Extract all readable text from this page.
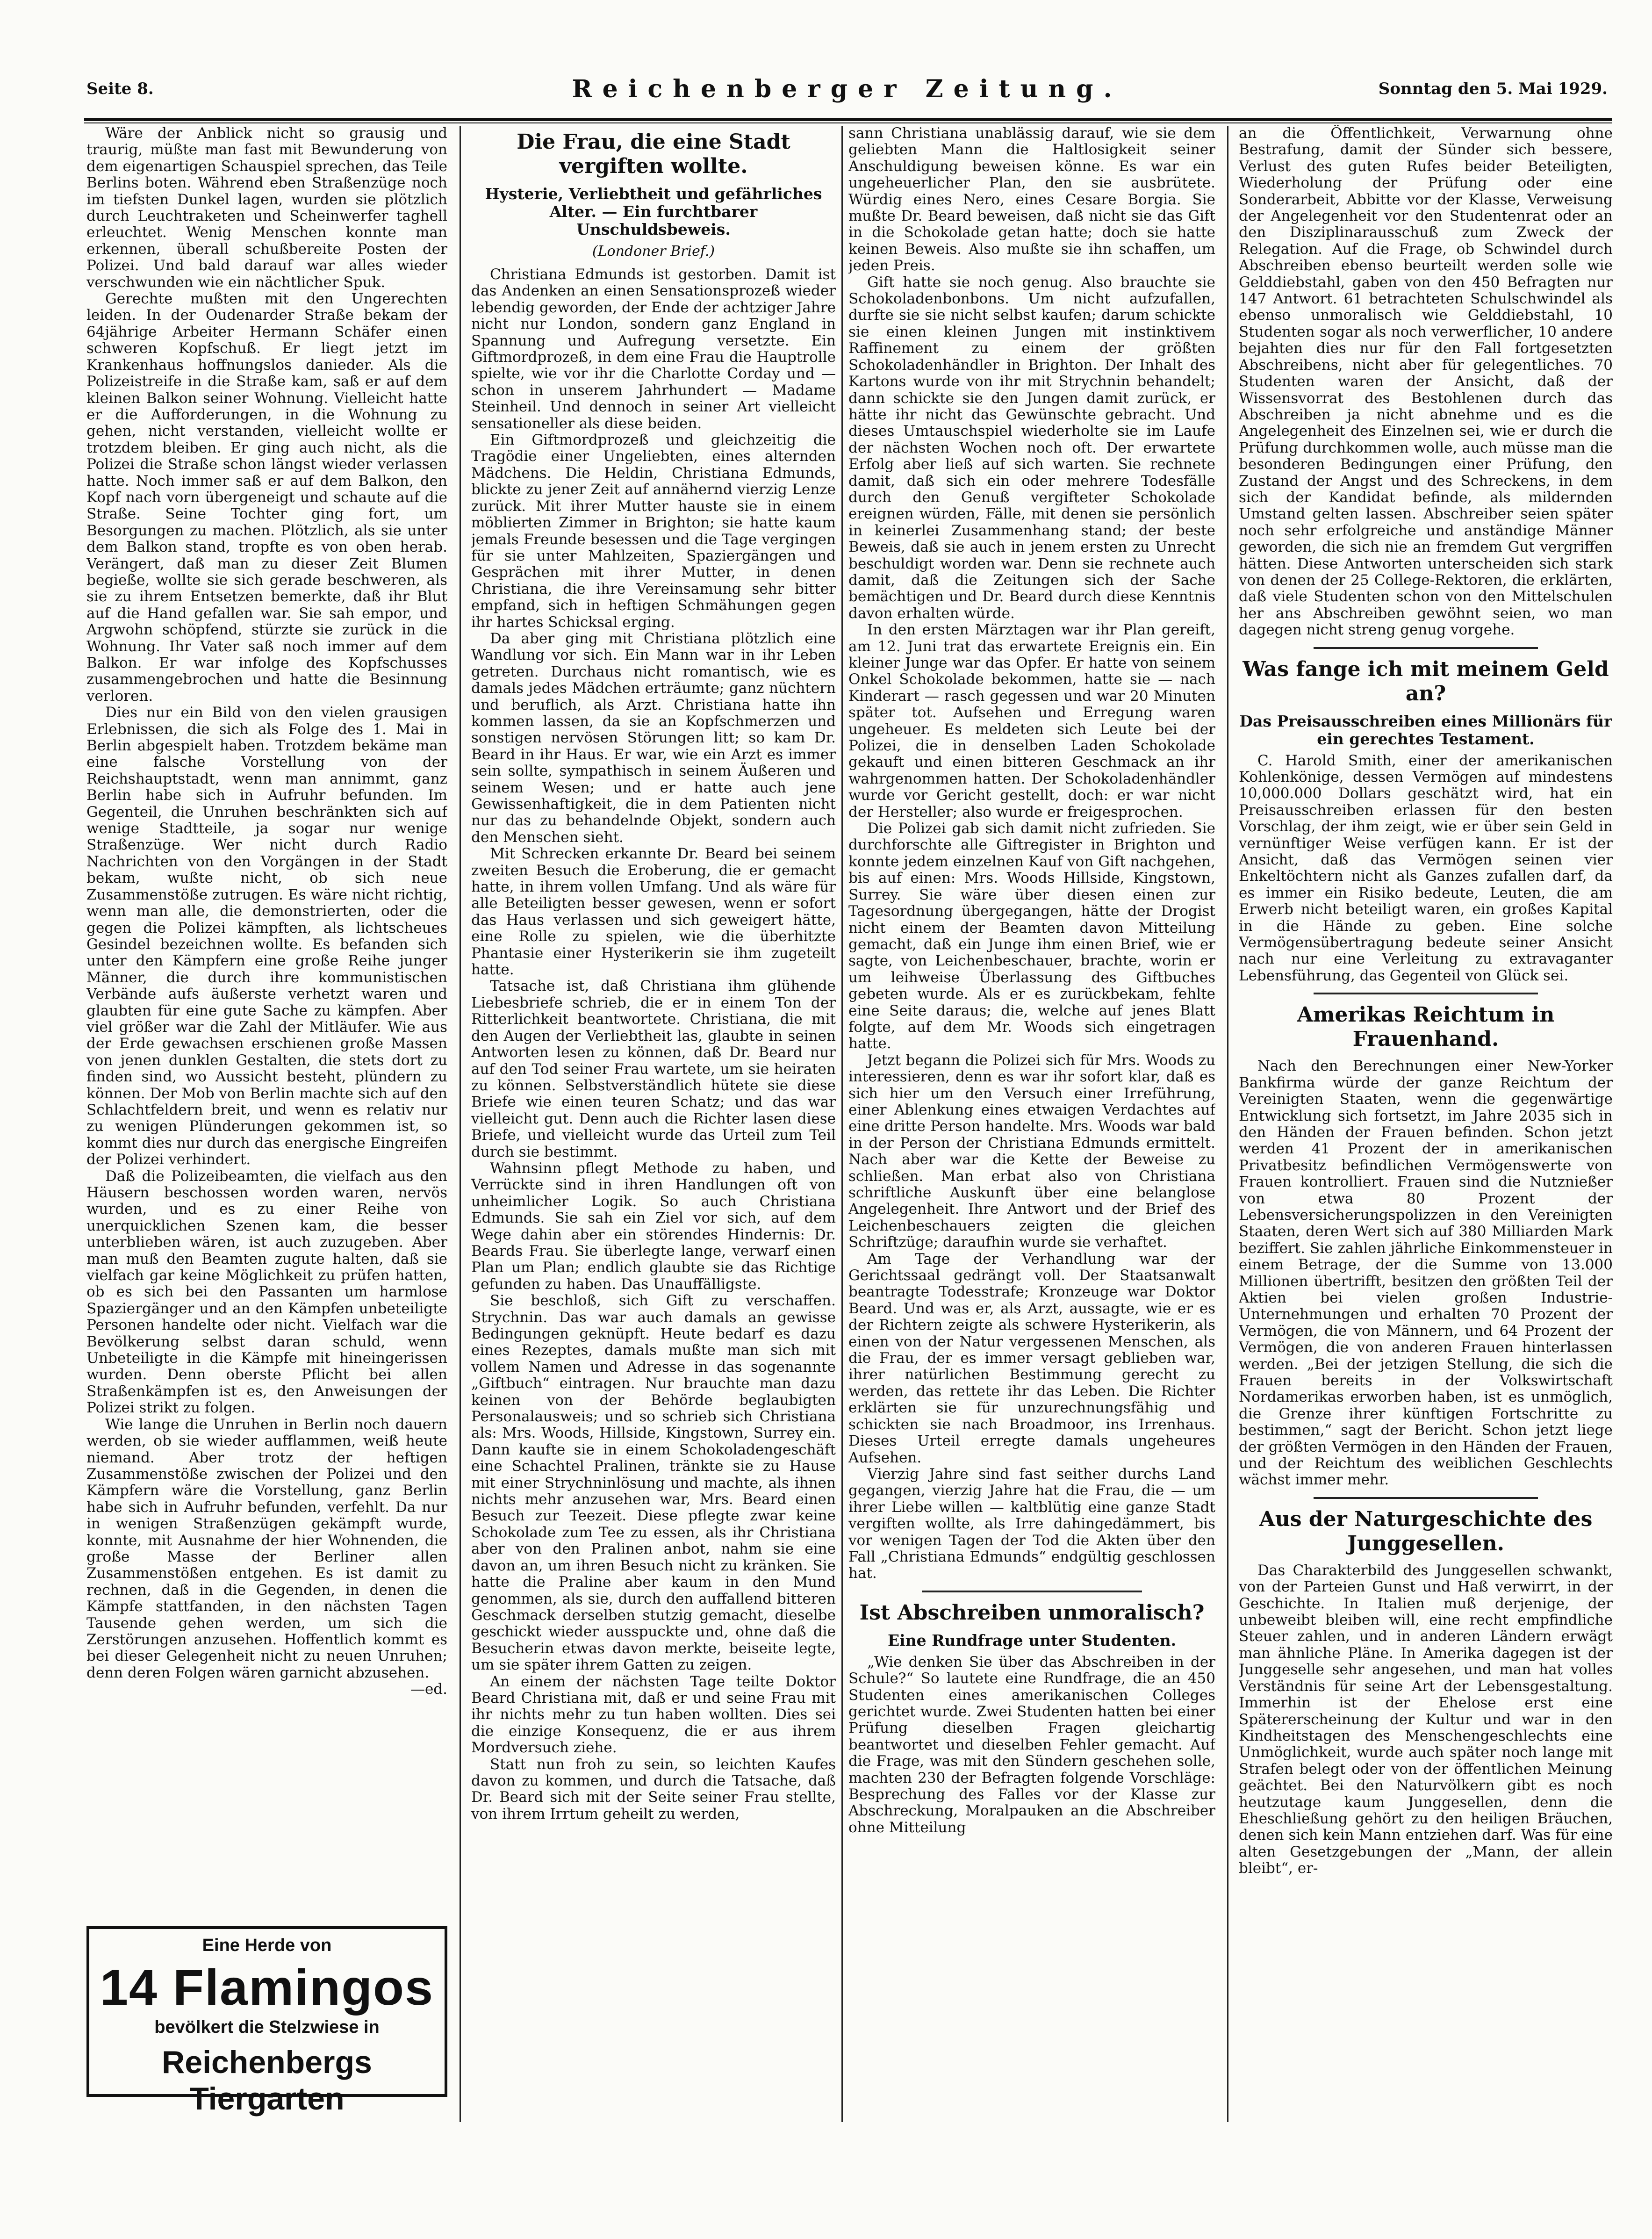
Seite 8.	Reichenberger Zeitung.	Sonntag den 5. Mai 1929.

Wäre der Anblick nicht so grausig und traurig, müßte man fast mit Bewunderung von dem eigenartigen Schauspiel sprechen, das Teile Berlins boten. Während eben Straßenzüge noch im tiefsten Dunkel lagen, wurden sie plötzlich durch Leuchtraketen und Scheinwerfer taghell erleuchtet. Wenig Menschen konnte man erkennen, überall schußbereite Posten der Polizei. Und bald darauf war alles wieder verschwunden wie ein nächtlicher Spuk.

Gerechte mußten mit den Ungerechten leiden. In der Oudenarder Straße bekam der 64jährige Arbeiter Hermann Schäfer einen schweren Kopfschuß. Er liegt jetzt im Krankenhaus hoffnungslos danieder. Als die Polizeistreife in die Straße kam, saß er auf dem kleinen Balkon seiner Wohnung. Vielleicht hatte er die Aufforderungen, in die Wohnung zu gehen, nicht verstanden, vielleicht wollte er trotzdem bleiben. Er ging auch nicht, als die Polizei die Straße schon längst wieder verlassen hatte. Noch immer saß er auf dem Balkon, den Kopf nach vorn übergeneigt und schaute auf die Straße. Seine Tochter ging fort, um Besorgungen zu machen. Plötzlich, als sie unter dem Balkon stand, tropfte es von oben herab. Verängert, daß man zu dieser Zeit Blumen begieße, wollte sie sich gerade beschweren, als sie zu ihrem Entsetzen bemerkte, daß ihr Blut auf die Hand gefallen war. Sie sah empor, und Argwohn schöpfend, stürzte sie zurück in die Wohnung. Ihr Vater saß noch immer auf dem Balkon. Er war infolge des Kopfschusses zusammengebrochen und hatte die Besinnung verloren.

Dies nur ein Bild von den vielen grausigen Erlebnissen, die sich als Folge des 1. Mai in Berlin abgespielt haben. Trotzdem bekäme man eine falsche Vorstellung von der Reichshauptstadt, wenn man annimmt, ganz Berlin habe sich in Aufruhr befunden. Im Gegenteil, die Unruhen beschränkten sich auf wenige Stadtteile, ja sogar nur wenige Straßenzüge. Wer nicht durch Radio Nachrichten von den Vorgängen in der Stadt bekam, wußte nicht, ob sich neue Zusammenstöße zutrugen. Es wäre nicht richtig, wenn man alle, die demonstrierten, oder die gegen die Polizei kämpften, als lichtscheues Gesindel bezeichnen wollte. Es befanden sich unter den Kämpfern eine große Reihe junger Männer, die durch ihre kommunistischen Verbände aufs äußerste verhetzt waren und glaubten für eine gute Sache zu kämpfen. Aber viel größer war die Zahl der Mitläufer. Wie aus der Erde gewachsen erschienen große Massen von jenen dunklen Gestalten, die stets dort zu finden sind, wo Aussicht besteht, plündern zu können. Der Mob von Berlin machte sich auf den Schlachtfeldern breit, und wenn es relativ nur zu wenigen Plünderungen gekommen ist, so kommt dies nur durch das energische Eingreifen der Polizei verhindert.

Daß die Polizeibeamten, die vielfach aus den Häusern beschossen worden waren, nervös wurden, und es zu einer Reihe von unerquicklichen Szenen kam, die besser unterblieben wären, ist auch zuzugeben. Aber man muß den Beamten zugute halten, daß sie vielfach gar keine Möglichkeit zu prüfen hatten, ob es sich bei den Passanten um harmlose Spaziergänger und an den Kämpfen unbeteiligte Personen handelte oder nicht. Vielfach war die Bevölkerung selbst daran schuld, wenn Unbeteiligte in die Kämpfe mit hineingerissen wurden. Denn oberste Pflicht bei allen Straßenkämpfen ist es, den Anweisungen der Polizei strikt zu folgen.

Wie lange die Unruhen in Berlin noch dauern werden, ob sie wieder aufflammen, weiß heute niemand. Aber trotz der heftigen Zusammenstöße zwischen der Polizei und den Kämpfern wäre die Vorstellung, ganz Berlin habe sich in Aufruhr befunden, verfehlt. Da nur in wenigen Straßenzügen gekämpft wurde, konnte, mit Ausnahme der hier Wohnenden, die große Masse der Berliner allen Zusammenstößen entgehen. Es ist damit zu rechnen, daß in die Gegenden, in denen die Kämpfe stattfanden, in den nächsten Tagen Tausende gehen werden, um sich die Zerstörungen anzusehen. Hoffentlich kommt es bei dieser Gelegenheit nicht zu neuen Unruhen; denn deren Folgen wären garnicht abzusehen.

—ed.

Eine Herde von
14 Flamingos
bevölkert die Stelzwiese in
Reichenbergs Tiergarten
Die Frau, die eine Stadt vergiften wollte.
Hysterie, Verliebtheit und gefährliches Alter. — Ein furchtbarer Unschuldsbeweis.
(Londoner Brief.)

Christiana Edmunds ist gestorben. Damit ist das Andenken an einen Sensationsprozeß wieder lebendig geworden, der Ende der achtziger Jahre nicht nur London, sondern ganz England in Spannung und Aufregung versetzte. Ein Giftmordprozeß, in dem eine Frau die Hauptrolle spielte, wie vor ihr die Charlotte Corday und — schon in unserem Jahrhundert — Madame Steinheil. Und dennoch in seiner Art vielleicht sensationeller als diese beiden.

Ein Giftmordprozeß und gleichzeitig die Tragödie einer Ungeliebten, eines alternden Mädchens. Die Heldin, Christiana Edmunds, blickte zu jener Zeit auf annähernd vierzig Lenze zurück. Mit ihrer Mutter hauste sie in einem möblierten Zimmer in Brighton; sie hatte kaum jemals Freunde besessen und die Tage vergingen für sie unter Mahlzeiten, Spaziergängen und Gesprächen mit ihrer Mutter, in denen Christiana, die ihre Vereinsamung sehr bitter empfand, sich in heftigen Schmähungen gegen ihr hartes Schicksal erging.

Da aber ging mit Christiana plötzlich eine Wandlung vor sich. Ein Mann war in ihr Leben getreten. Durchaus nicht romantisch, wie es damals jedes Mädchen erträumte; ganz nüchtern und beruflich, als Arzt. Christiana hatte ihn kommen lassen, da sie an Kopfschmerzen und sonstigen nervösen Störungen litt; so kam Dr. Beard in ihr Haus. Er war, wie ein Arzt es immer sein sollte, sympathisch in seinem Äußeren und seinem Wesen; und er hatte auch jene Gewissenhaftigkeit, die in dem Patienten nicht nur das zu behandelnde Objekt, sondern auch den Menschen sieht.

Mit Schrecken erkannte Dr. Beard bei seinem zweiten Besuch die Eroberung, die er gemacht hatte, in ihrem vollen Umfang. Und als wäre für alle Beteiligten besser gewesen, wenn er sofort das Haus verlassen und sich geweigert hätte, eine Rolle zu spielen, wie die überhitzte Phantasie einer Hysterikerin sie ihm zugeteilt hatte.

Tatsache ist, daß Christiana ihm glühende Liebesbriefe schrieb, die er in einem Ton der Ritterlichkeit beantwortete. Christiana, die mit den Augen der Verliebtheit las, glaubte in seinen Antworten lesen zu können, daß Dr. Beard nur auf den Tod seiner Frau wartete, um sie heiraten zu können. Selbstverständlich hütete sie diese Briefe wie einen teuren Schatz; und das war vielleicht gut. Denn auch die Richter lasen diese Briefe, und vielleicht wurde das Urteil zum Teil durch sie bestimmt.

Wahnsinn pflegt Methode zu haben, und Verrückte sind in ihren Handlungen oft von unheimlicher Logik. So auch Christiana Edmunds. Sie sah ein Ziel vor sich, auf dem Wege dahin aber ein störendes Hindernis: Dr. Beards Frau. Sie überlegte lange, verwarf einen Plan um Plan; endlich glaubte sie das Richtige gefunden zu haben. Das Unauffälligste.

Sie beschloß, sich Gift zu verschaffen. Strychnin. Das war auch damals an gewisse Bedingungen geknüpft. Heute bedarf es dazu eines Rezeptes, damals mußte man sich mit vollem Namen und Adresse in das sogenannte „Giftbuch“ eintragen. Nur brauchte man dazu keinen von der Behörde beglaubigten Personalausweis; und so schrieb sich Christiana als: Mrs. Woods, Hillside, Kingstown, Surrey ein. Dann kaufte sie in einem Schokoladengeschäft eine Schachtel Pralinen, tränkte sie zu Hause mit einer Strychninlösung und machte, als ihnen nichts mehr anzusehen war, Mrs. Beard einen Besuch zur Teezeit. Diese pflegte zwar keine Schokolade zum Tee zu essen, als ihr Christiana aber von den Pralinen anbot, nahm sie eine davon an, um ihren Besuch nicht zu kränken. Sie hatte die Praline aber kaum in den Mund genommen, als sie, durch den auffallend bitteren Geschmack derselben stutzig gemacht, dieselbe geschickt wieder ausspuckte und, ohne daß die Besucherin etwas davon merkte, beiseite legte, um sie später ihrem Gatten zu zeigen.

An einem der nächsten Tage teilte Doktor Beard Christiana mit, daß er und seine Frau mit ihr nichts mehr zu tun haben wollten. Dies sei die einzige Konsequenz, die er aus ihrem Mordversuch ziehe.

Statt nun froh zu sein, so leichten Kaufes davon zu kommen, und durch die Tatsache, daß Dr. Beard sich mit der Seite seiner Frau stellte, von ihrem Irrtum geheilt zu werden,

sann Christiana unablässig darauf, wie sie dem geliebten Mann die Haltlosigkeit seiner Anschuldigung beweisen könne. Es war ein ungeheuerlicher Plan, den sie ausbrütete. Würdig eines Nero, eines Cesare Borgia. Sie mußte Dr. Beard beweisen, daß nicht sie das Gift in die Schokolade getan hatte; doch sie hatte keinen Beweis. Also mußte sie ihn schaffen, um jeden Preis.

Gift hatte sie noch genug. Also brauchte sie Schokoladenbonbons. Um nicht aufzufallen, durfte sie sie nicht selbst kaufen; darum schickte sie einen kleinen Jungen mit instinktivem Raffinement zu einem der größten Schokoladenhändler in Brighton. Der Inhalt des Kartons wurde von ihr mit Strychnin behandelt; dann schickte sie den Jungen damit zurück, er hätte ihr nicht das Gewünschte gebracht. Und dieses Umtauschspiel wiederholte sie im Laufe der nächsten Wochen noch oft. Der erwartete Erfolg aber ließ auf sich warten. Sie rechnete damit, daß sich ein oder mehrere Todesfälle durch den Genuß vergifteter Schokolade ereignen würden, Fälle, mit denen sie persönlich in keinerlei Zusammenhang stand; der beste Beweis, daß sie auch in jenem ersten zu Unrecht beschuldigt worden war. Denn sie rechnete auch damit, daß die Zeitungen sich der Sache bemächtigen und Dr. Beard durch diese Kenntnis davon erhalten würde.

In den ersten Märztagen war ihr Plan gereift, am 12. Juni trat das erwartete Ereignis ein. Ein kleiner Junge war das Opfer. Er hatte von seinem Onkel Schokolade bekommen, hatte sie — nach Kinderart — rasch gegessen und war 20 Minuten später tot. Aufsehen und Erregung waren ungeheuer. Es meldeten sich Leute bei der Polizei, die in denselben Laden Schokolade gekauft und einen bitteren Geschmack an ihr wahrgenommen hatten. Der Schokoladenhändler wurde vor Gericht gestellt, doch: er war nicht der Hersteller; also wurde er freigesprochen.

Die Polizei gab sich damit nicht zufrieden. Sie durchforschte alle Giftregister in Brighton und konnte jedem einzelnen Kauf von Gift nachgehen, bis auf einen: Mrs. Woods Hillside, Kingstown, Surrey. Sie wäre über diesen einen zur Tagesordnung übergegangen, hätte der Drogist nicht einem der Beamten davon Mitteilung gemacht, daß ein Junge ihm einen Brief, wie er sagte, von Leichenbeschauer, brachte, worin er um leihweise Überlassung des Giftbuches gebeten wurde. Als er es zurückbekam, fehlte eine Seite daraus; die, welche auf jenes Blatt folgte, auf dem Mr. Woods sich eingetragen hatte.

Jetzt begann die Polizei sich für Mrs. Woods zu interessieren, denn es war ihr sofort klar, daß es sich hier um den Versuch einer Irreführung, einer Ablenkung eines etwaigen Verdachtes auf eine dritte Person handelte. Mrs. Woods war bald in der Person der Christiana Edmunds ermittelt. Nach aber war die Kette der Beweise zu schließen. Man erbat also von Christiana schriftliche Auskunft über eine belanglose Angelegenheit. Ihre Antwort und der Brief des Leichenbeschauers zeigten die gleichen Schriftzüge; daraufhin wurde sie verhaftet.

Am Tage der Verhandlung war der Gerichtssaal gedrängt voll. Der Staatsanwalt beantragte Todesstrafe; Kronzeuge war Doktor Beard. Und was er, als Arzt, aussagte, wie er es der Richtern zeigte als schwere Hysterikerin, als einen von der Natur vergessenen Menschen, als die Frau, der es immer versagt geblieben war, ihrer natürlichen Bestimmung gerecht zu werden, das rettete ihr das Leben. Die Richter erklärten sie für unzurechnungsfähig und schickten sie nach Broadmoor, ins Irrenhaus. Dieses Urteil erregte damals ungeheures Aufsehen.

Vierzig Jahre sind fast seither durchs Land gegangen, vierzig Jahre hat die Frau, die — um ihrer Liebe willen — kaltblütig eine ganze Stadt vergiften wollte, als Irre dahingedämmert, bis vor wenigen Tagen der Tod die Akten über den Fall „Christiana Edmunds“ endgültig geschlossen hat.

Ist Abschreiben unmoralisch?
Eine Rundfrage unter Studenten.

„Wie denken Sie über das Abschreiben in der Schule?“ So lautete eine Rundfrage, die an 450 Studenten eines amerikanischen Colleges gerichtet wurde. Zwei Studenten hatten bei einer Prüfung dieselben Fragen gleichartig beantwortet und dieselben Fehler gemacht. Auf die Frage, was mit den Sündern geschehen solle, machten 230 der Befragten folgende Vorschläge: Besprechung des Falles vor der Klasse zur Abschreckung, Moralpauken an die Abschreiber ohne Mitteilung

an die Öffentlichkeit, Verwarnung ohne Bestrafung, damit der Sünder sich bessere, Verlust des guten Rufes beider Beteiligten, Wiederholung der Prüfung oder eine Sonderarbeit, Abbitte vor der Klasse, Verweisung der Angelegenheit vor den Studentenrat oder an den Disziplinarausschuß zum Zweck der Relegation. Auf die Frage, ob Schwindel durch Abschreiben ebenso beurteilt werden solle wie Gelddiebstahl, gaben von den 450 Befragten nur 147 Antwort. 61 betrachteten Schulschwindel als ebenso unmoralisch wie Gelddiebstahl, 10 Studenten sogar als noch verwerflicher, 10 andere bejahten dies nur für den Fall fortgesetzten Abschreibens, nicht aber für gelegentliches. 70 Studenten waren der Ansicht, daß der Wissensvorrat des Bestohlenen durch das Abschreiben ja nicht abnehme und es die Angelegenheit des Einzelnen sei, wie er durch die Prüfung durchkommen wolle, auch müsse man die besonderen Bedingungen einer Prüfung, den Zustand der Angst und des Schreckens, in dem sich der Kandidat befinde, als mildernden Umstand gelten lassen. Abschreiber seien später noch sehr erfolgreiche und anständige Männer geworden, die sich nie an fremdem Gut vergriffen hätten. Diese Antworten unterscheiden sich stark von denen der 25 College-Rektoren, die erklärten, daß viele Studenten schon von den Mittelschulen her ans Abschreiben gewöhnt seien, wo man dagegen nicht streng genug vorgehe.

Was fange ich mit meinem Geld an?
Das Preisausschreiben eines Millionärs für ein gerechtes Testament.

C. Harold Smith, einer der amerikanischen Kohlenkönige, dessen Vermögen auf mindestens 10,000.000 Dollars geschätzt wird, hat ein Preisausschreiben erlassen für den besten Vorschlag, der ihm zeigt, wie er über sein Geld in vernünftiger Weise verfügen kann. Er ist der Ansicht, daß das Vermögen seinen vier Enkeltöchtern nicht als Ganzes zufallen darf, da es immer ein Risiko bedeute, Leuten, die am Erwerb nicht beteiligt waren, ein großes Kapital in die Hände zu geben. Eine solche Vermögensübertragung bedeute seiner Ansicht nach nur eine Verleitung zu extravaganter Lebensführung, das Gegenteil von Glück sei.

Amerikas Reichtum in Frauenhand.

Nach den Berechnungen einer New-Yorker Bankfirma würde der ganze Reichtum der Vereinigten Staaten, wenn die gegenwärtige Entwicklung sich fortsetzt, im Jahre 2035 sich in den Händen der Frauen befinden. Schon jetzt werden 41 Prozent der in amerikanischen Privatbesitz befindlichen Vermögenswerte von Frauen kontrolliert. Frauen sind die Nutznießer von etwa 80 Prozent der Lebensversicherungspolizzen in den Vereinigten Staaten, deren Wert sich auf 380 Milliarden Mark beziffert. Sie zahlen jährliche Einkommensteuer in einem Betrage, der die Summe von 13.000 Millionen übertrifft, besitzen den größten Teil der Aktien bei vielen großen Industrie-Unternehmungen und erhalten 70 Prozent der Vermögen, die von Männern, und 64 Prozent der Vermögen, die von anderen Frauen hinterlassen werden. „Bei der jetzigen Stellung, die sich die Frauen bereits in der Volkswirtschaft Nordamerikas erworben haben, ist es unmöglich, die Grenze ihrer künftigen Fortschritte zu bestimmen,“ sagt der Bericht. Schon jetzt liege der größten Vermögen in den Händen der Frauen, und der Reichtum des weiblichen Geschlechts wächst immer mehr.

Aus der Naturgeschichte des Junggesellen.

Das Charakterbild des Junggesellen schwankt, von der Parteien Gunst und Haß verwirrt, in der Geschichte. In Italien muß derjenige, der unbeweibt bleiben will, eine recht empfindliche Steuer zahlen, und in anderen Ländern erwägt man ähnliche Pläne. In Amerika dagegen ist der Junggeselle sehr angesehen, und man hat volles Verständnis für seine Art der Lebensgestaltung. Immerhin ist der Ehelose erst eine Spätererscheinung der Kultur und war in den Kindheitstagen des Menschengeschlechts eine Unmöglichkeit, wurde auch später noch lange mit Strafen belegt oder von der öffentlichen Meinung geächtet. Bei den Naturvölkern gibt es noch heutzutage kaum Junggesellen, denn die Eheschließung gehört zu den heiligen Bräuchen, denen sich kein Mann entziehen darf. Was für eine alten Gesetzgebungen der „Mann, der allein bleibt“, er-
